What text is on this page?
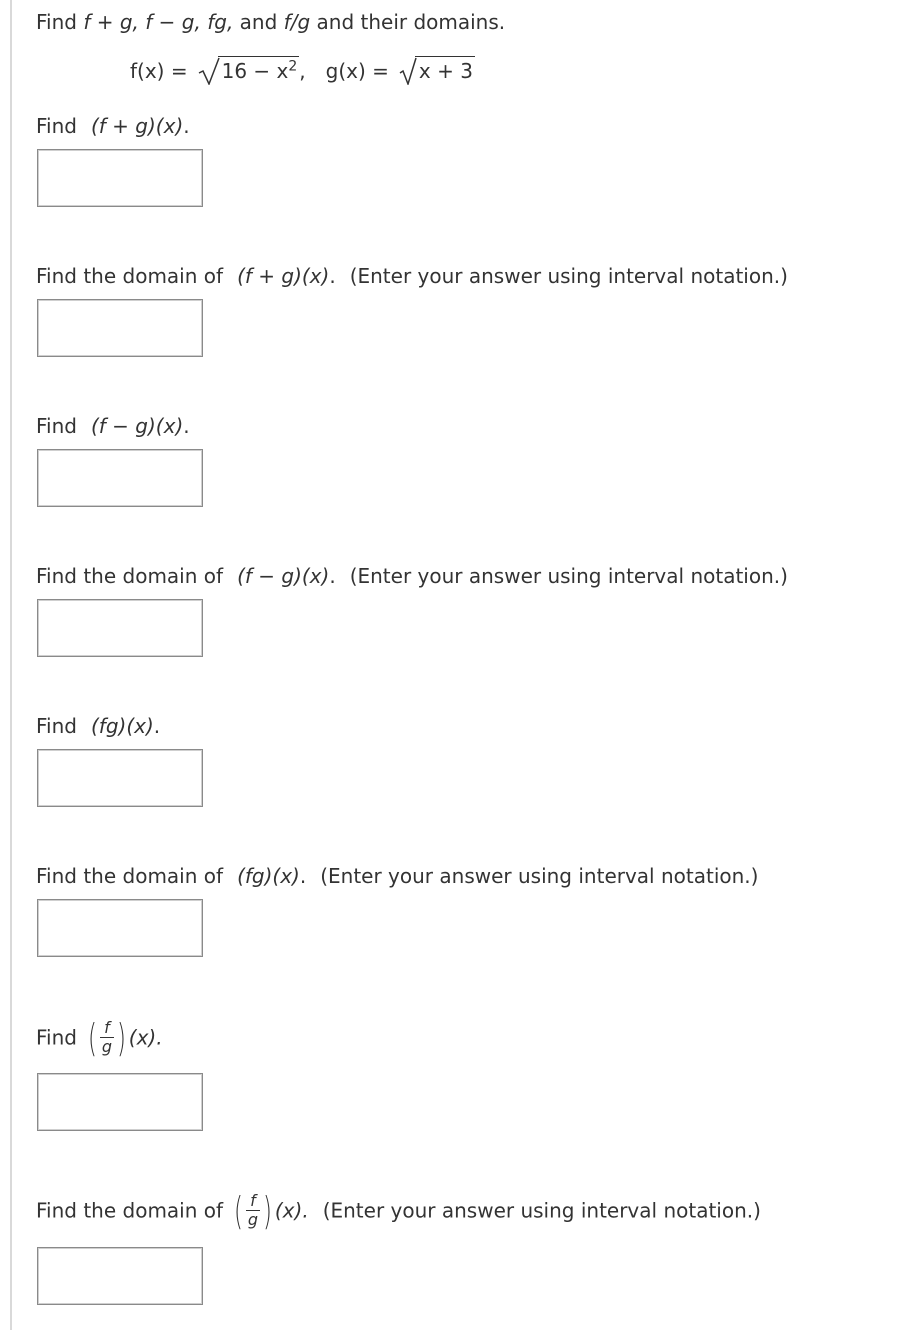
Find f + g, f − g, fg, and f/g and their domains.
f(x) =	$16 - x^2$ , g(x) =	x + 3
Find (f + g)(x).
Find the domain of (f + g)(x). (Enter your answer using interval notation.)
Find (f − g)(x).
Find the domain of (f − g)(x). (Enter your answer using interval notation.)
Find (fg)(x).
Find the domain of (fg)(x). (Enter your answer using interval notation.)
Find ( $\frac{f}{g}$ ) (x).
Find the domain of ( $\frac{f}{g}$ ) (x). (Enter your answer using interval notation.)
